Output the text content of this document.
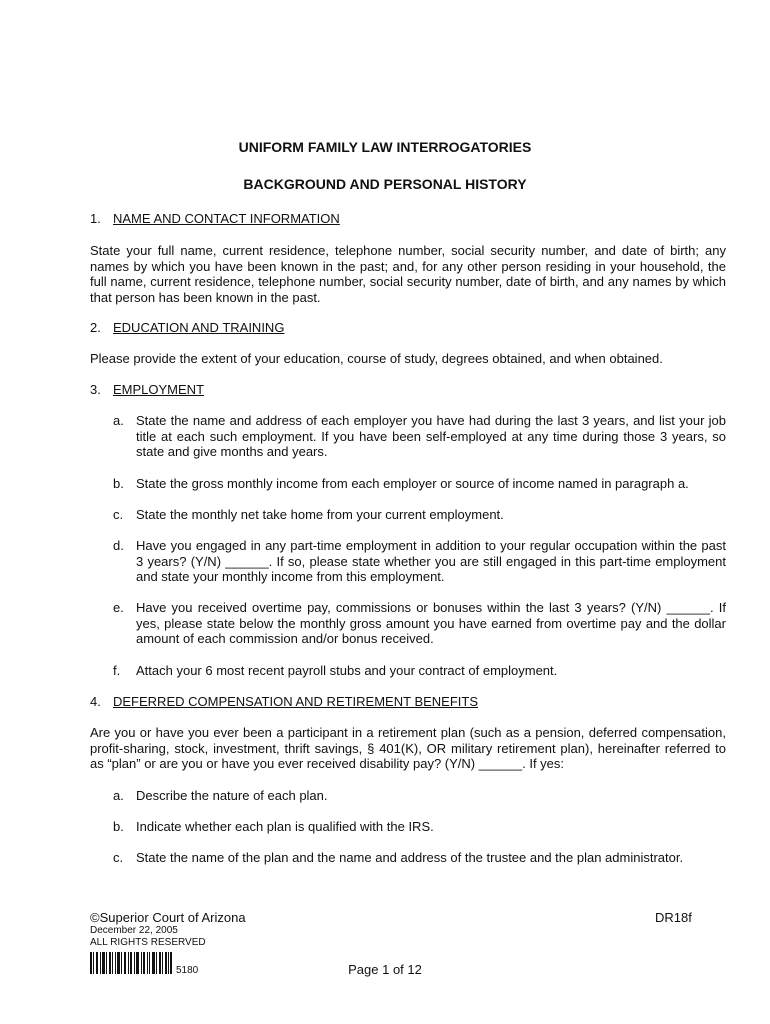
UNIFORM FAMILY LAW INTERROGATORIES
BACKGROUND AND PERSONAL HISTORY
1. NAME AND CONTACT INFORMATION
State your full name, current residence, telephone number, social security number, and date of birth; any names by which you have been known in the past; and, for any other person residing in your household, the full name, current residence, telephone number, social security number, date of birth, and any names by which that person has been known in the past.
2. EDUCATION AND TRAINING
Please provide the extent of your education, course of study, degrees obtained, and when obtained.
3. EMPLOYMENT
a. State the name and address of each employer you have had during the last 3 years, and list your job title at each such employment. If you have been self-employed at any time during those 3 years, so state and give months and years.
b. State the gross monthly income from each employer or source of income named in paragraph a.
c. State the monthly net take home from your current employment.
d. Have you engaged in any part-time employment in addition to your regular occupation within the past 3 years? (Y/N) ______. If so, please state whether you are still engaged in this part-time employment and state your monthly income from this employment.
e. Have you received overtime pay, commissions or bonuses within the last 3 years? (Y/N) ______. If yes, please state below the monthly gross amount you have earned from overtime pay and the dollar amount of each commission and/or bonus received.
f. Attach your 6 most recent payroll stubs and your contract of employment.
4. DEFERRED COMPENSATION AND RETIREMENT BENEFITS
Are you or have you ever been a participant in a retirement plan (such as a pension, deferred compensation, profit-sharing, stock, investment, thrift savings, § 401(K), OR military retirement plan), hereinafter referred to as “plan” or are you or have you ever received disability pay? (Y/N) ______. If yes:
a. Describe the nature of each plan.
b. Indicate whether each plan is qualified with the IRS.
c. State the name of the plan and the name and address of the trustee and the plan administrator.
©Superior Court of Arizona
December 22, 2005
ALL RIGHTS RESERVED
DR18f
5180	Page 1 of 12
